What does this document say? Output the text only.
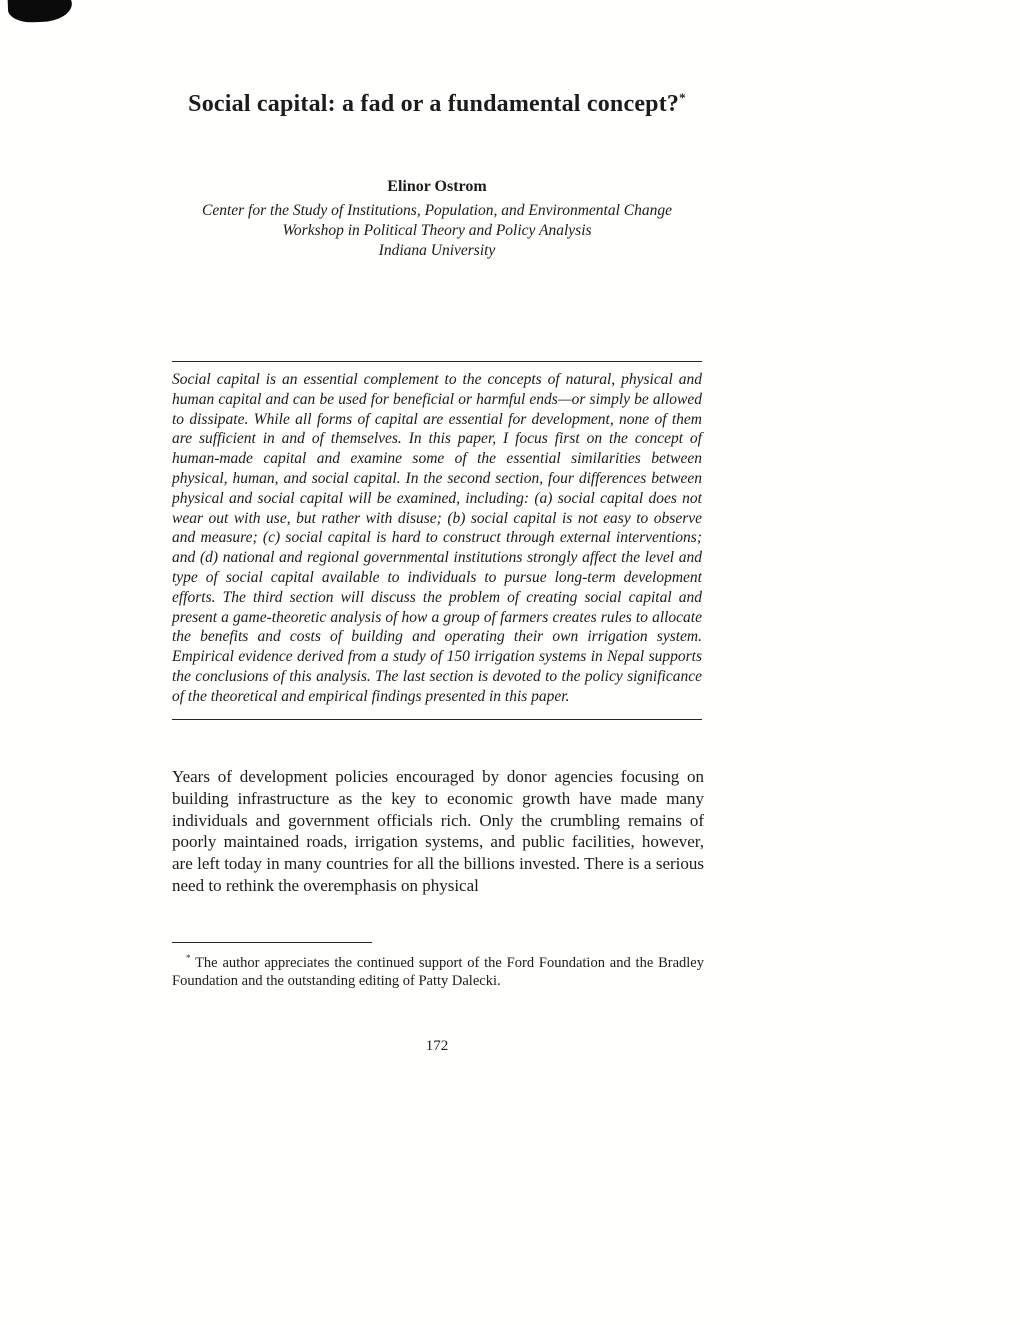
Social capital: a fad or a fundamental concept?*
Elinor Ostrom
Center for the Study of Institutions, Population, and Environmental Change
Workshop in Political Theory and Policy Analysis
Indiana University

Social capital is an essential complement to the concepts of natural, physical and human capital and can be used for beneficial or harmful ends—or simply be allowed to dissipate. While all forms of capital are essential for development, none of them are sufficient in and of themselves. In this paper, I focus first on the concept of human-made capital and examine some of the essential similarities between physical, human, and social capital. In the second section, four differences between physical and social capital will be examined, including: (a) social capital does not wear out with use, but rather with disuse; (b) social capital is not easy to observe and measure; (c) social capital is hard to construct through external interventions; and (d) national and regional governmental institutions strongly affect the level and type of social capital available to individuals to pursue long-term development efforts. The third section will discuss the problem of creating social capital and present a game-theoretic analysis of how a group of farmers creates rules to allocate the benefits and costs of building and operating their own irrigation system. Empirical evidence derived from a study of 150 irrigation systems in Nepal supports the conclusions of this analysis. The last section is devoted to the policy significance of the theoretical and empirical findings presented in this paper.

Years of development policies encouraged by donor agencies focusing on building infrastructure as the key to economic growth have made many individuals and government officials rich. Only the crumbling remains of poorly maintained roads, irrigation systems, and public facilities, however, are left today in many countries for all the billions invested. There is a serious need to rethink the overemphasis on physical

* The author appreciates the continued support of the Ford Foundation and the Bradley Foundation and the outstanding editing of Patty Dalecki.

172
